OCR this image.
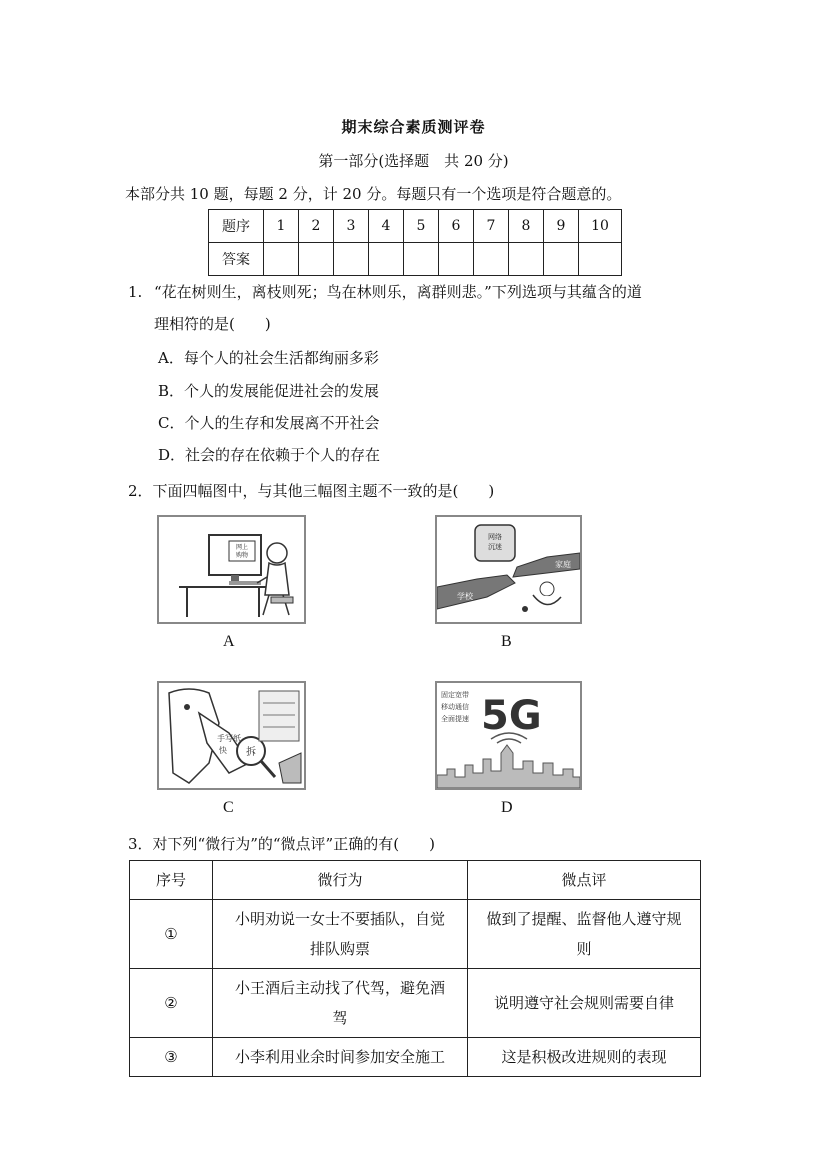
期末综合素质测评卷
第一部分(选择题　共 20 分)
本部分共 10 题，每题 2 分，计 20 分。每题只有一个选项是符合题意的。
题序	1	2	3	4	5	6	7	8	9	10
答案										
1. “花在树则生，离枝则死；鸟在林则乐，离群则悲。”下列选项与其蕴含的道
理相符的是(　　)
A．每个人的社会生活都绚丽多彩
B．个人的发展能促进社会的发展
C．个人的生存和发展离不开社会
D．社会的存在依赖于个人的存在
2．下面四幅图中，与其他三幅图主题不一致的是(　　)
网上
购物
A
网络
沉迷
学校
家庭
B
手写纸
快 拆
C
固定宽带
移动通信
全面提速 5G
D
3．对下列“微行为”的“微点评”正确的有(　　)
序号	微行为	微点评
①	小明劝说一女士不要插队，自觉
排队购票	做到了提醒、监督他人遵守规
则
②	小王酒后主动找了代驾，避免酒
驾	说明遵守社会规则需要自律
③	小李利用业余时间参加安全施工	这是积极改进规则的表现
